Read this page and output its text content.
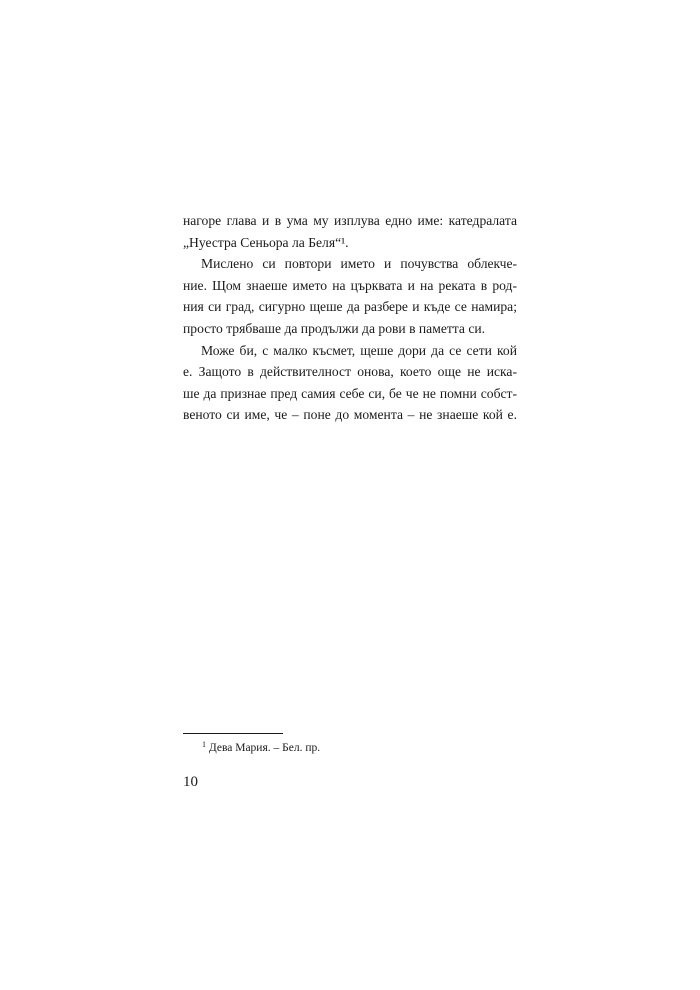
нагоре глава и в ума му изплува едно име: катедралата
„Нуестра Сеньора ла Беля“¹.
Мислено си повтори името и почувства облекче-
ние. Щом знаеше името на църквата и на реката в род-
ния си град, сигурно щеше да разбере и къде се намира;
просто трябваше да продължи да рови в паметта си.
Може би, с малко късмет, щеше дори да се сети кой
е. Защото в действителност онова, което още не иска-
ше да признае пред самия себе си, бе че не помни собст-
веното си име, че – поне до момента – не знаеше кой е.
$^1$ Дева Мария. – Бел. пр.
10
